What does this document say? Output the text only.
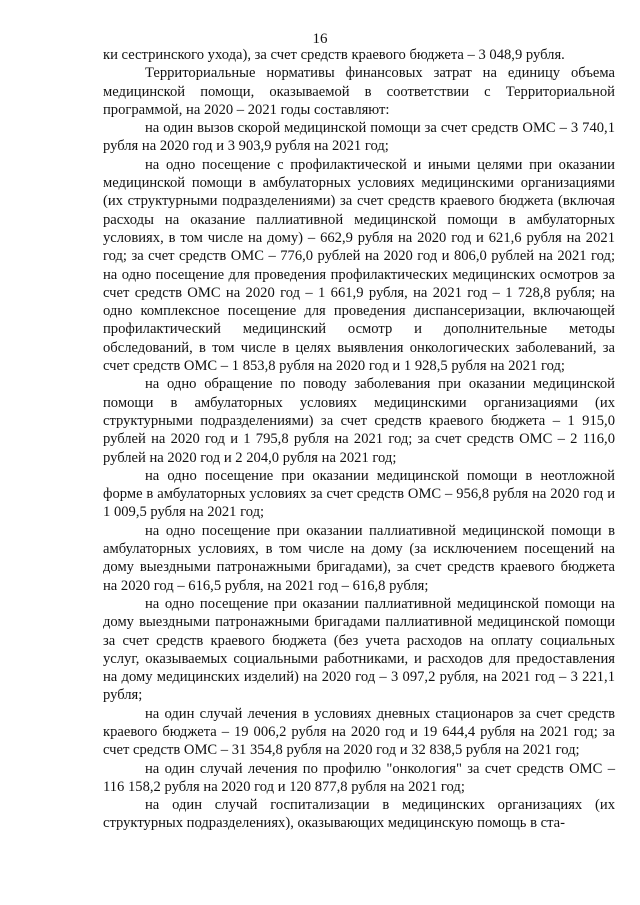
16

ки сестринского ухода), за счет средств краевого бюджета – 3 048,9 рубля.

Территориальные нормативы финансовых затрат на единицу объема медицинской помощи, оказываемой в соответствии с Территориальной программой, на 2020 – 2021 годы составляют:

на один вызов скорой медицинской помощи за счет средств ОМС – 3 740,1 рубля на 2020 год и 3 903,9 рубля на 2021 год;

на одно посещение с профилактической и иными целями при оказании медицинской помощи в амбулаторных условиях медицинскими организациями (их структурными подразделениями) за счет средств краевого бюджета (включая расходы на оказание паллиативной медицинской помощи в амбулаторных условиях, в том числе на дому) – 662,9 рубля на 2020 год и 621,6 рубля на 2021 год; за счет средств ОМС – 776,0 рублей на 2020 год и 806,0 рублей на 2021 год; на одно посещение для проведения профилактических медицинских осмотров за счет средств ОМС на 2020 год – 1 661,9 рубля, на 2021 год – 1 728,8 рубля; на одно комплексное посещение для проведения диспансеризации, включающей профилактический медицинский осмотр и дополнительные методы обследований, в том числе в целях выявления онкологических заболеваний, за счет средств ОМС – 1 853,8 рубля на 2020 год и 1 928,5 рубля на 2021 год;

на одно обращение по поводу заболевания при оказании медицинской помощи в амбулаторных условиях медицинскими организациями (их структурными подразделениями) за счет средств краевого бюджета – 1 915,0 рублей на 2020 год и 1 795,8 рубля на 2021 год; за счет средств ОМС – 2 116,0 рублей на 2020 год и 2 204,0 рубля на 2021 год;

на одно посещение при оказании медицинской помощи в неотложной форме в амбулаторных условиях за счет средств ОМС – 956,8 рубля на 2020 год и 1 009,5 рубля на 2021 год;

на одно посещение при оказании паллиативной медицинской помощи в амбулаторных условиях, в том числе на дому (за исключением посещений на дому выездными патронажными бригадами), за счет средств краевого бюджета на 2020 год – 616,5 рубля, на 2021 год – 616,8 рубля;

на одно посещение при оказании паллиативной медицинской помощи на дому выездными патронажными бригадами паллиативной медицинской помощи за счет средств краевого бюджета (без учета расходов на оплату социальных услуг, оказываемых социальными работниками, и расходов для предоставления на дому медицинских изделий) на 2020 год – 3 097,2 рубля, на 2021 год – 3 221,1 рубля;

на один случай лечения в условиях дневных стационаров за счет средств краевого бюджета – 19 006,2 рубля на 2020 год и 19 644,4 рубля на 2021 год; за счет средств ОМС – 31 354,8 рубля на 2020 год и 32 838,5 рубля на 2021 год;

на один случай лечения по профилю "онкология" за счет средств ОМС – 116 158,2 рубля на 2020 год и 120 877,8 рубля на 2021 год;

на один случай госпитализации в медицинских организациях (их структурных подразделениях), оказывающих медицинскую помощь в ста-
